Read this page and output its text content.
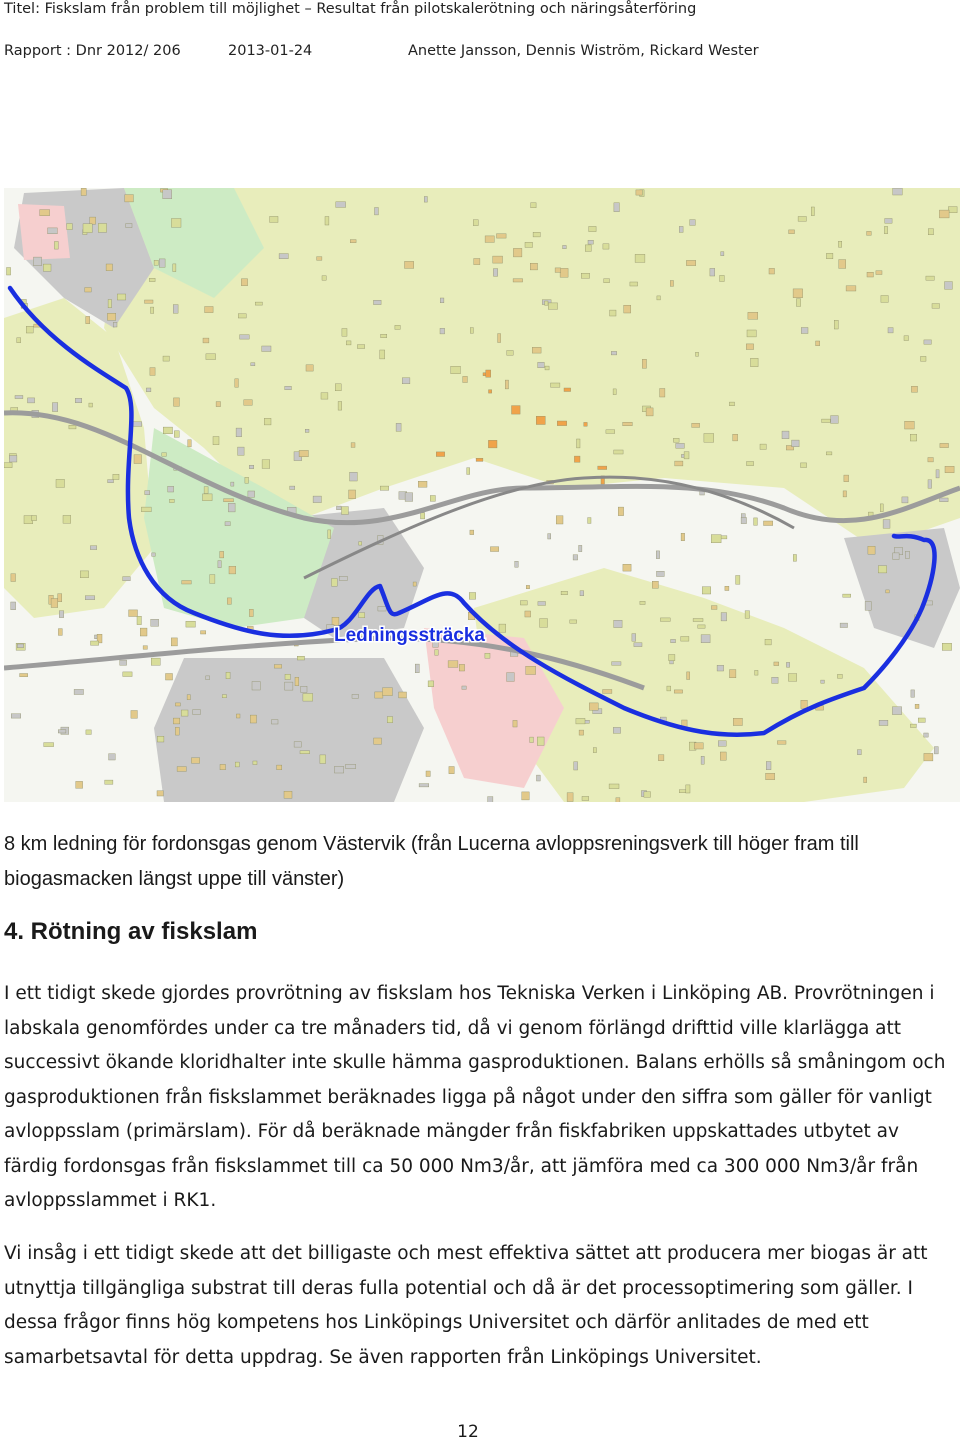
Titel: Fiskslam från problem till möjlighet – Resultat från pilotskalerötning och näringsåterföring
Rapport : Dnr 2012/ 206	2013-01-24	Anette Jansson, Dennis Wiström, Rickard Wester
Ledningssträcka
8 km ledning för fordonsgas genom Västervik (från Lucerna avloppsreningsverk till höger fram till biogasmacken längst uppe till vänster)
4. Rötning av fiskslam
I ett tidigt skede gjordes provrötning av fiskslam hos Tekniska Verken i Linköping AB. Provrötningen i labskala genomfördes under ca tre månaders tid, då vi genom förlängd drifttid ville klarlägga att successivt ökande kloridhalter inte skulle hämma gasproduktionen. Balans erhölls så småningom och gasproduktionen från fiskslammet beräknades ligga på något under den siffra som gäller för vanligt avloppsslam (primärslam). För då beräknade mängder från fiskfabriken uppskattades utbytet av färdig fordonsgas från fiskslammet till ca 50 000 Nm3/år, att jämföra med ca 300 000 Nm3/år från avloppsslammet i RK1.
Vi insåg i ett tidigt skede att det billigaste och mest effektiva sättet att producera mer biogas är att utnyttja tillgängliga substrat till deras fulla potential och då är det processoptimering som gäller. I dessa frågor finns hög kompetens hos Linköpings Universitet och därför anlitades de med ett samarbetsavtal för detta uppdrag. Se även rapporten från Linköpings Universitet.
12
